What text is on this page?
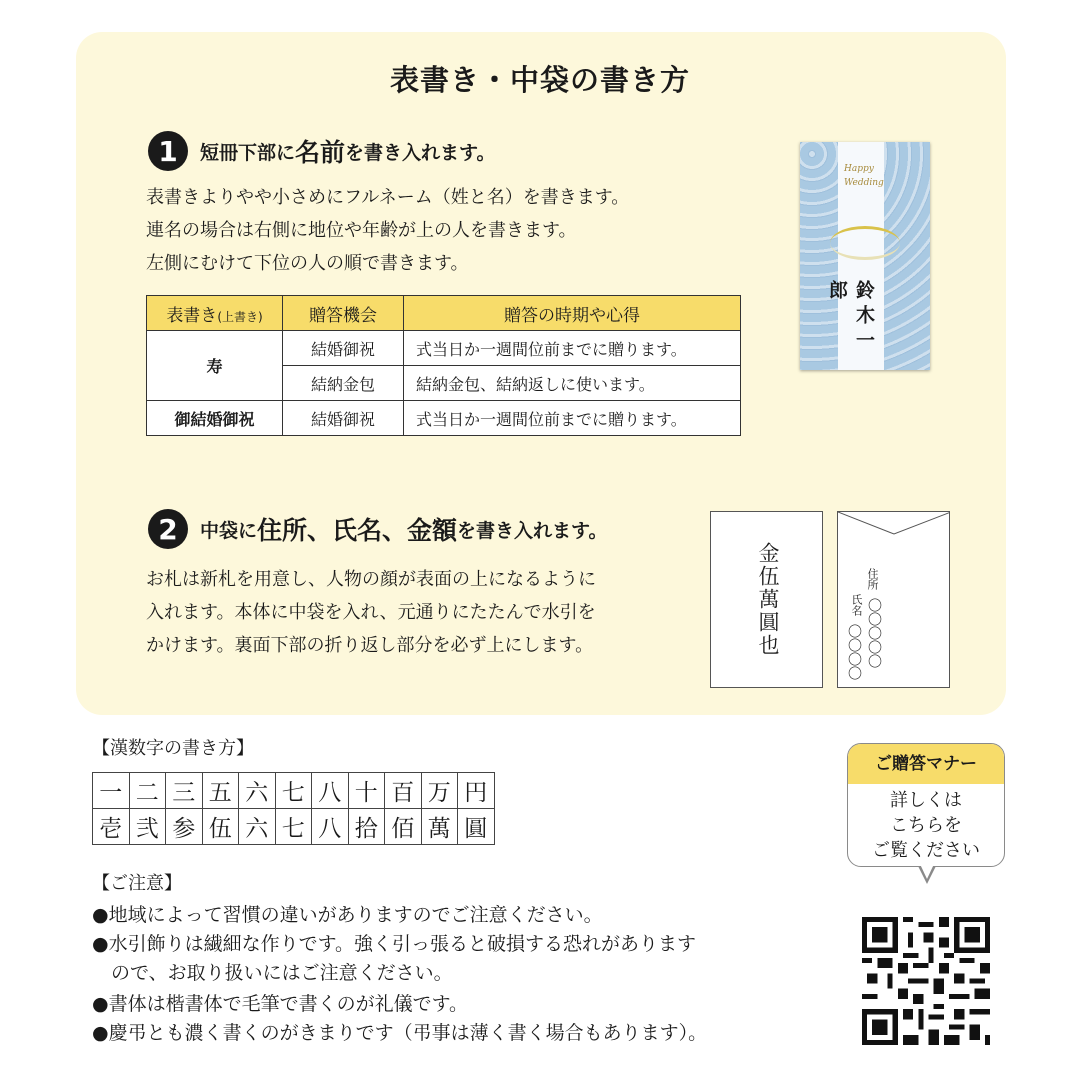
表書き・中袋の書き方
1	短冊下部に 名前 を書き入れます。
表書きよりやや小さめにフルネーム（姓と名）を書きます。
連名の場合は右側に地位や年齢が上の人を書きます。
左側にむけて下位の人の順で書きます。
表書き(上書き)	贈答機会	贈答の時期や心得
寿	結婚御祝	式当日か一週間位前までに贈ります。
	結納金包	結納金包、結納返しに使います。
御結婚御祝	結婚御祝	式当日か一週間位前までに贈ります。
Happy
Wedding
鈴木一郎
2	中袋に 住所、氏名、金額 を書き入れます。
お札は新札を用意し、人物の顔が表面の上になるように
入れます。本体に中袋を入れ、元通りにたたんで水引を
かけます。裏面下部の折り返し部分を必ず上にします。	金伍萬圓也	住所
〇〇〇〇〇
氏名
〇〇〇〇
【漢数字の書き方】
一	二	三	五	六	七	八	十	百	万	円
壱	弐	参	伍	六	七	八	拾	佰	萬	圓
【ご注意】
●地域によって習慣の違いがありますのでご注意ください。
●水引飾りは繊細な作りです。強く引っ張ると破損する恐れがあります
　ので、お取り扱いにはご注意ください。
●書体は楷書体で毛筆で書くのが礼儀です。
●慶弔とも濃く書くのがきまりです（弔事は薄く書く場合もあります）。
ご贈答マナー
詳しくは
こちらを
ご覧ください
